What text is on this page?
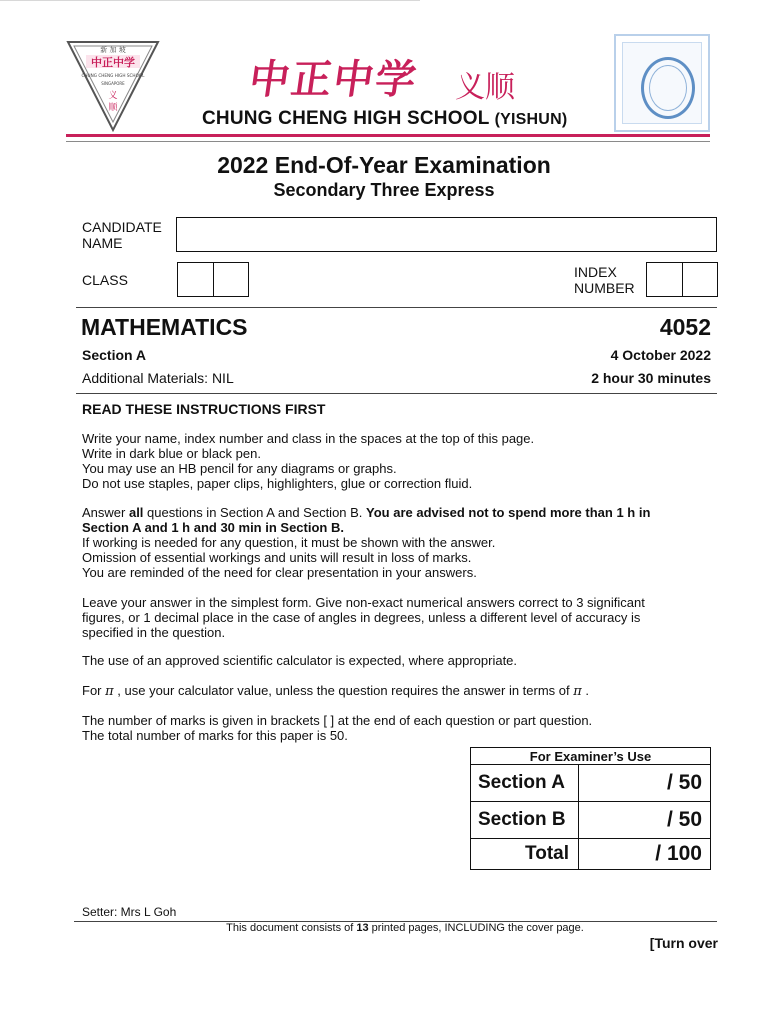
新 加 坡
中正中学
CHUNG CHENG HIGH SCHOOL
SINGAPORE
义
顺
中正中学 义顺
CHUNG CHENG HIGH SCHOOL (YISHUN)
2022 End-Of-Year Examination
Secondary Three Express
CANDIDATE
NAME
CLASS	INDEX
NUMBER
MATHEMATICS	4052
Section A	4 October 2022
Additional Materials: NIL	2 hour 30 minutes
READ THESE INSTRUCTIONS FIRST
Write your name, index number and class in the spaces at the top of this page.
Write in dark blue or black pen.
You may use an HB pencil for any diagrams or graphs.
Do not use staples, paper clips, highlighters, glue or correction fluid.
Answer all questions in Section A and Section B. You are advised not to spend more than 1 h in
Section A and 1 h and 30 min in Section B.
If working is needed for any question, it must be shown with the answer.
Omission of essential workings and units will result in loss of marks.
You are reminded of the need for clear presentation in your answers.
Leave your answer in the simplest form. Give non-exact numerical answers correct to 3 significant
figures, or 1 decimal place in the case of angles in degrees, unless a different level of accuracy is
specified in the question.
The use of an approved scientific calculator is expected, where appropriate.
For π , use your calculator value, unless the question requires the answer in terms of π .
The number of marks is given in brackets [ ] at the end of each question or part question.
The total number of marks for this paper is 50.
For Examiner’s Use	
Section A	/ 50
Section B	/ 50
Total	/ 100
Setter: Mrs L Goh
This document consists of 13 printed pages, INCLUDING the cover page.
[Turn over
